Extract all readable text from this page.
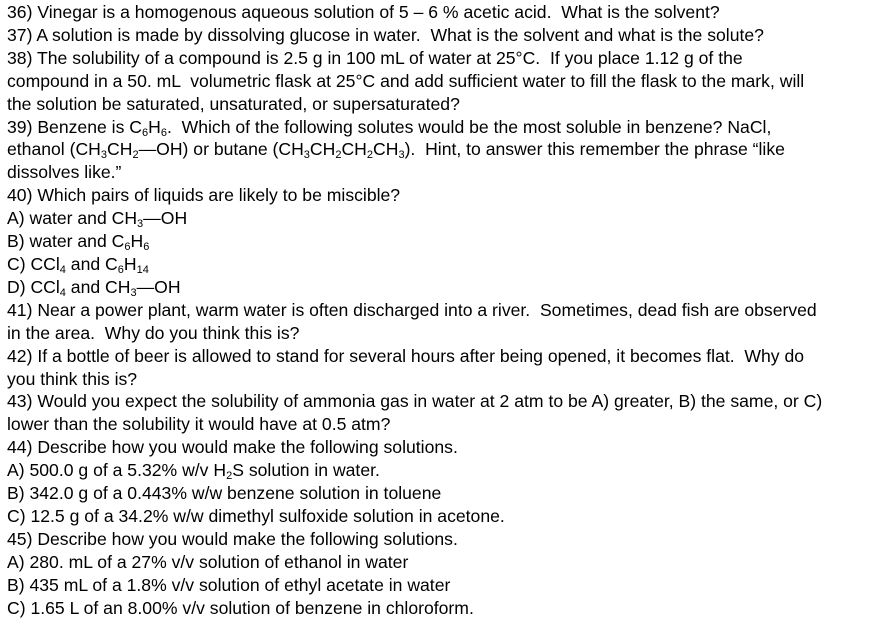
36) Vinegar is a homogenous aqueous solution of 5 – 6 % acetic acid.  What is the solvent?
37) A solution is made by dissolving glucose in water.  What is the solvent and what is the solute?
38) The solubility of a compound is 2.5 g in 100 mL of water at 25°C.  If you place 1.12 g of the
compound in a 50. mL  volumetric flask at 25°C and add sufficient water to fill the flask to the mark, will
the solution be saturated, unsaturated, or supersaturated?
39) Benzene is $C_6H_6$.  Which of the following solutes would be the most soluble in benzene? NaCl,
ethanol $(CH_3CH_2—OH)$ or butane $(CH_3CH_2CH_2CH_3)$.  Hint, to answer this remember the phrase “like
dissolves like.”
40) Which pairs of liquids are likely to be miscible?
A) water and $CH_3—OH$
B) water and $C_6H_6$
C) CCl$_4$ and $C_6H_{14}$
D) CCl$_4$ and $CH_3—OH$
41) Near a power plant, warm water is often discharged into a river.  Sometimes, dead fish are observed
in the area.  Why do you think this is?
42) If a bottle of beer is allowed to stand for several hours after being opened, it becomes flat.  Why do
you think this is?
43) Would you expect the solubility of ammonia gas in water at 2 atm to be A) greater, B) the same, or C)
lower than the solubility it would have at 0.5 atm?
44) Describe how you would make the following solutions.
A) 500.0 g of a 5.32% w/v $H_2S$ solution in water.
B) 342.0 g of a 0.443% w/w benzene solution in toluene
C) 12.5 g of a 34.2% w/w dimethyl sulfoxide solution in acetone.
45) Describe how you would make the following solutions.
A) 280. mL of a 27% v/v solution of ethanol in water
B) 435 mL of a 1.8% v/v solution of ethyl acetate in water
C) 1.65 L of an 8.00% v/v solution of benzene in chloroform.
